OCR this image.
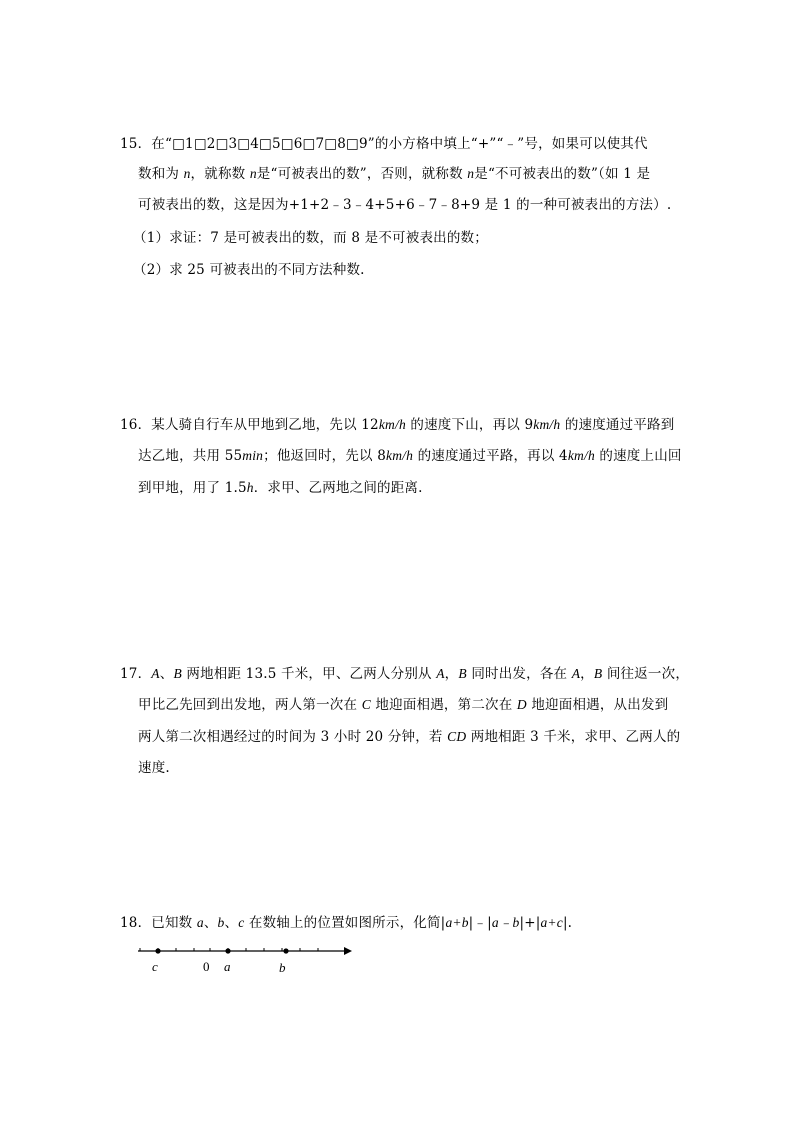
15．在“□1□2□3□4□5□6□7□8□9”的小方格中填上“+”“﹣”号，如果可以使其代
数和为 n，就称数 n是“可被表出的数”，否则，就称数 n是“不可被表出的数”（如 1 是
可被表出的数，这是因为+1+2﹣3﹣4+5+6﹣7﹣8+9 是 1 的一种可被表出的方法）.
（1）求证：7 是可被表出的数，而 8 是不可被表出的数；
（2）求 25 可被表出的不同方法种数.
16．某人骑自行车从甲地到乙地，先以 12km/h 的速度下山，再以 9km/h 的速度通过平路到
达乙地，共用 55min；他返回时，先以 8km/h 的速度通过平路，再以 4km/h 的速度上山回
到甲地，用了 1.5h．求甲、乙两地之间的距离.
17．A、B 两地相距 13.5 千米，甲、乙两人分别从 A，B 同时出发，各在 A，B 间往返一次，
甲比乙先回到出发地，两人第一次在 C 地迎面相遇，第二次在 D 地迎面相遇，从出发到
两人第二次相遇经过的时间为 3 小时 20 分钟，若 CD 两地相距 3 千米，求甲、乙两人的
速度.
18．已知数 a、b、c 在数轴上的位置如图所示，化简|a+b|﹣|a﹣b|+|a+c|.
c	0 a	b
